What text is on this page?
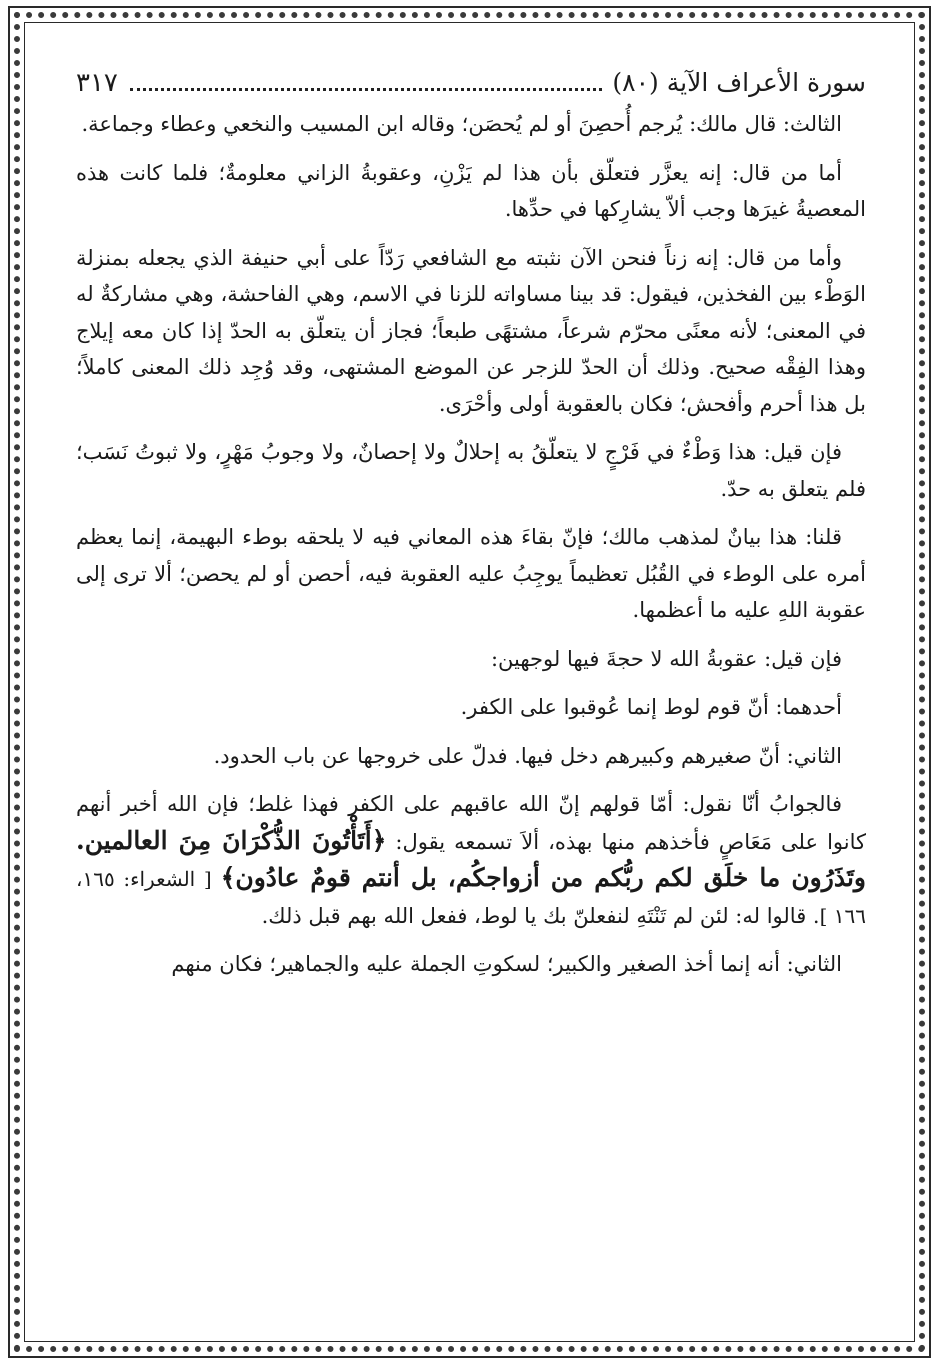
سورة الأعراف الآية (٨٠)
٣١٧

الثالث: قال مالك: يُرجم أُحصِنَ أو لم يُحصَن؛ وقاله ابن المسيب والنخعي وعطاء وجماعة.

أما من قال: إنه يعزَّر فتعلّق بأن هذا لم يَزْنِ، وعقوبةُ الزاني معلومةٌ؛ فلما كانت هذه المعصيةُ غيرَها وجب ألاّ يشارِكها في حدِّها.

وأما من قال: إنه زناً فنحن الآن نثبته مع الشافعي رَدّاً على أبي حنيفة الذي يجعله بمنزلة الوَطْء بين الفخذين، فيقول: قد بينا مساواته للزنا في الاسم، وهي الفاحشة، وهي مشاركةٌ له في المعنى؛ لأنه معنًى محرّم شرعاً، مشتهًى طبعاً؛ فجاز أن يتعلّق به الحدّ إذا كان معه إيلاج وهذا الفِقْه صحيح. وذلك أن الحدّ للزجر عن الموضع المشتهى، وقد وُجِد ذلك المعنى كاملاً؛ بل هذا أحرم وأفحش؛ فكان بالعقوبة أولى وأحْرَى.

فإن قيل: هذا وَطْءٌ في فَرْجٍ لا يتعلّقُ به إحلالٌ ولا إحصانٌ، ولا وجوبُ مَهْرٍ، ولا ثبوتُ نَسَب؛ فلم يتعلق به حدّ.

قلنا: هذا بيانٌ لمذهب مالك؛ فإنّ بقاءَ هذه المعاني فيه لا يلحقه بوطء البهيمة، إنما يعظم أمره على الوطء في القُبُل تعظيماً يوجِبُ عليه العقوبة فيه، أحصن أو لم يحصن؛ ألا ترى إلى عقوبة اللهِ عليه ما أعظمها.

فإن قيل: عقوبةُ الله لا حجةَ فيها لوجهين:

أحدهما: أنّ قوم لوط إنما عُوقبوا على الكفر.

الثاني: أنّ صغيرهم وكبيرهم دخل فيها. فدلّ على خروجها عن باب الحدود.

فالجوابُ أنّا نقول: أمّا قولهم إنّ الله عاقبهم على الكفر فهذا غلط؛ فإن الله أخبر أنهم كانوا على مَعَاصٍ فأخذهم منها بهذه، ألاَ تسمعه يقول: ﴿أَتَأْتُونَ الذُّكْرَانَ مِنَ العالمين. وتَذَرُون ما خلَق لكم ربُّكم من أزواجكُم، بل أنتم قومٌ عادُون﴾ [ الشعراء: ١٦٥، ١٦٦ ]. قالوا له: لئن لم تَنْتَهِ لنفعلنّ بك يا لوط، ففعل الله بهم قبل ذلك.

الثاني: أنه إنما أخذ الصغير والكبير؛ لسكوتِ الجملة عليه والجماهير؛ فكان منهم
